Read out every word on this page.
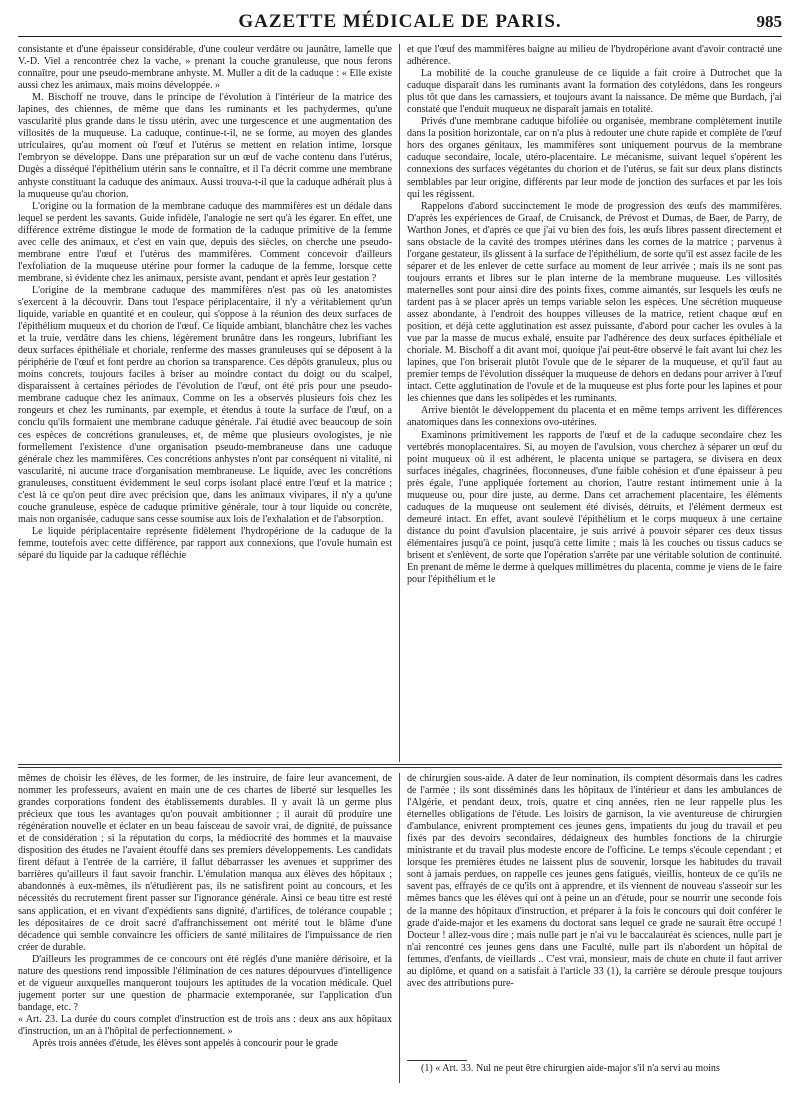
GAZETTE MÉDICALE DE PARIS.	985

consistante et d'une épaisseur considérable, d'une couleur verdâtre ou jaunâtre, lamelle que V.-D. Viel a rencontrée chez la vache, » prenant la couche granuleuse, que nous ferons connaître, pour une pseudo-membrane anhyste. M. Muller a dit de la caduque : « Elle existe aussi chez les animaux, mais moins développée. »

M. Bischoff ne trouve, dans le principe de l'évolution à l'intérieur de la matrice des lapines, des chiennes, de même que dans les ruminants et les pachydermes, qu'une vascularité plus grande dans le tissu utérin, avec une turgescence et une augmentation des villosités de la muqueuse. La caduque, continue-t-il, ne se forme, au moyen des glandes utriculaires, qu'au moment où l'œuf et l'utérus se mettent en relation intime, lorsque l'embryon se développe. Dans une préparation sur un œuf de vache contenu dans l'utérus, Dugès a disséqué l'épithélium utérin sans le connaître, et il l'a décrit comme une membrane anhyste constituant la caduque des animaux. Aussi trouva-t-il que la caduque adhérait plus à la muqueuse qu'au chorion.

L'origine ou la formation de la membrane caduque des mammifères est un dédale dans lequel se perdent les savants. Guide infidèle, l'analogie ne sert qu'à les égarer. En effet, une différence extrême distingue le mode de formation de la caduque primitive de la femme avec celle des animaux, et c'est en vain que, depuis des siècles, on cherche une pseudo-membrane entre l'œuf et l'utérus des mammifères. Comment concevoir d'ailleurs l'exfoliation de la muqueuse utérine pour former la caduque de la femme, lorsque cette membrane, si évidente chez les animaux, persiste avant, pendant et après leur gestation ?

L'origine de la membrane caduque des mammifères n'est pas où les anatomistes s'exercent à la découvrir. Dans tout l'espace périplacentaire, il n'y a véritablement qu'un liquide, variable en quantité et en couleur, qui s'oppose à la réunion des deux surfaces de l'épithélium muqueux et du chorion de l'œuf. Ce liquide ambiant, blanchâtre chez les vaches et la truie, verdâtre dans les chiens, légèrement brunâtre dans les rongeurs, lubrifiant les deux surfaces épithéliale et choriale, renferme des masses granuleuses qui se déposent à la périphérie de l'œuf et font perdre au chorion sa transparence. Ces dépôts granuleux, plus ou moins concrets, toujours faciles à briser au moindre contact du doigt ou du scalpel, disparaissent à certaines périodes de l'évolution de l'œuf, ont été pris pour une pseudo-membrane caduque chez les animaux. Comme on les a observés plusieurs fois chez les rongeurs et chez les ruminants, par exemple, et étendus à toute la surface de l'œuf, on a conclu qu'ils formaient une membrane caduque générale. J'ai étudié avec beaucoup de soin ces espèces de concrétions granuleuses, et, de même que plusieurs ovologistes, je nie formellement l'existence d'une organisation pseudo-membraneuse dans une caduque générale chez les mammifères. Ces concrétions anhystes n'ont par conséquent ni vitalité, ni vascularité, ni aucune trace d'organisation membraneuse. Le liquide, avec les concrétions granuleuses, constituent évidemment le seul corps isolant placé entre l'œuf et la matrice ; c'est là ce qu'on peut dire avec précision que, dans les animaux vivipares, il n'y a qu'une couche granuleuse, espèce de caduque primitive générale, tour à tour liquide ou concrète, mais non organisée, caduque sans cesse soumise aux lois de l'exhalation et de l'absorption.

Le liquide périplacentaire représente fidèlement l'hydropérione de la caduque de la femme, toutefois avec cette différence, par rapport aux connexions, que l'ovule humain est séparé du liquide par la caduque réfléchie

et que l'œuf des mammifères baigne au milieu de l'hydropérione avant d'avoir contracté une adhérence.

La mobilité de la couche granuleuse de ce liquide a fait croire à Dutrochet que la caduque disparaît dans les ruminants avant la formation des cotylédons, dans les rongeurs plus tôt que dans les carnassiers, et toujours avant la naissance. De même que Burdach, j'ai constaté que l'enduit muqueux ne disparaît jamais en totalité.

Privés d'une membrane caduque bifoliée ou organisée, membrane complètement inutile dans la position horizontale, car on n'a plus à redouter une chute rapide et complète de l'œuf hors des organes génitaux, les mammifères sont uniquement pourvus de la membrane caduque secondaire, locale, utéro-placentaire. Le mécanisme, suivant lequel s'opèrent les connexions des surfaces végétantes du chorion et de l'utérus, se fait sur deux plans distincts semblables par leur origine, différents par leur mode de jonction des surfaces et par les lois qui les régissent.

Rappelons d'abord succinctement le mode de progression des œufs des mammifères. D'après les expériences de Graaf, de Cruisanck, de Prévost et Dumas, de Baer, de Parry, de Warthon Jones, et d'après ce que j'ai vu bien des fois, les œufs libres passent directement et sans obstacle de la cavité des trompes utérines dans les cornes de la matrice ; parvenus à l'organe gestateur, ils glissent à la surface de l'épithélium, de sorte qu'il est assez facile de les séparer et de les enlever de cette surface au moment de leur arrivée ; mais ils ne sont pas toujours errants et libres sur le plan interne de la membrane muqueuse. Les villosités maternelles sont pour ainsi dire des points fixes, comme aimantés, sur lesquels les œufs ne tardent pas à se placer après un temps variable selon les espèces. Une sécrétion muqueuse assez abondante, à l'endroit des houppes villeuses de la matrice, retient chaque œuf en position, et déjà cette agglutination est assez puissante, d'abord pour cacher les ovules à la vue par la masse de mucus exhalé, ensuite par l'adhérence des deux surfaces épithéliale et choriale. M. Bischoff a dit avant moi, quoique j'ai peut-être observé le fait avant lui chez les lapines, que l'on briserait plutôt l'ovule que de le séparer de la muqueuse, et qu'il faut au premier temps de l'évolution disséquer la muqueuse de dehors en dedans pour arriver à l'œuf intact. Cette agglutination de l'ovule et de la muqueuse est plus forte pour les lapines et pour les chiennes que dans les solipèdes et les ruminants.

Arrive bientôt le développement du placenta et en même temps arrivent les différences anatomiques dans les connexions ovo-utérines.

Examinons primitivement les rapports de l'œuf et de la caduque secondaire chez les vertébrés monoplacentaires. Si, au moyen de l'avulsion, vous cherchez à séparer un œuf du point muqueux où il est adhérent, le placenta unique se partagera, se divisera en deux surfaces inégales, chagrinées, floconneuses, d'une faible cohésion et d'une épaisseur à peu près égale, l'une appliquée fortement au chorion, l'autre restant intimement unie à la muqueuse ou, pour dire juste, au derme. Dans cet arrachement placentaire, les éléments caduques de la muqueuse ont seulement été divisés, détruits, et l'élément dermeux est demeuré intact. En effet, avant soulevé l'épithélium et le corps muqueux à une certaine distance du point d'avulsion placentaire, je suis arrivé à pouvoir séparer ces deux tissus élémentaires jusqu'à ce point, jusqu'à cette limite ; mais là les couches ou tissus caducs se brisent et s'enlèvent, de sorte que l'opération s'arrête par une véritable solution de continuité. En prenant de même le derme à quelques millimètres du placenta, comme je viens de le faire pour l'épithélium et le

mêmes de choisir les élèves, de les former, de les instruire, de faire leur avancement, de nommer les professeurs, avaient en main une de ces chartes de liberté sur lesquelles les grandes corporations fondent des établissements durables. Il y avait là un germe plus précieux que tous les avantages qu'on pouvait ambitionner ; il aurait dû produire une régénération nouvelle et éclater en un beau faisceau de savoir vrai, de dignité, de puissance et de considération ; si la réputation du corps, la médiocrité des hommes et la mauvaise disposition des études ne l'avaient étouffé dans ses premiers développements. Les candidats firent défaut à l'entrée de la carrière, il fallut débarrasser les avenues et supprimer des barrières qu'ailleurs il faut savoir franchir. L'émulation manqua aux élèves des hôpitaux ; abandonnés à eux-mêmes, ils n'étudièrent pas, ils ne satisfirent point au concours, et les nécessités du recrutement firent passer sur l'ignorance générale. Ainsi ce beau titre est resté sans application, et en vivant d'expédients sans dignité, d'artifices, de tolérance coupable ; les dépositaires de ce droit sacré d'affranchissement ont mérité tout le blâme d'une décadence qui semble convaincre les officiers de santé militaires de l'impuissance de rien créer de durable.

D'ailleurs les programmes de ce concours ont été réglés d'une manière dérisoire, et la nature des questions rend impossible l'élimination de ces natures dépourvues d'intelligence et de vigueur auxquelles manqueront toujours les aptitudes de la vocation médicale. Quel jugement porter sur une question de pharmacie extemporanée, sur l'application d'un bandage, etc. ?

« Art. 23. La durée du cours complet d'instruction est de trois ans : deux ans aux hôpitaux d'instruction, un an à l'hôpital de perfectionnement. »

Après trois années d'étude, les élèves sont appelés à concourir pour le grade

de chirurgien sous-aide. A dater de leur nomination, ils comptent désormais dans les cadres de l'armée ; ils sont disséminés dans les hôpitaux de l'intérieur et dans les ambulances de l'Algérie, et pendant deux, trois, quatre et cinq années, rien ne leur rappelle plus les éternelles obligations de l'étude. Les loisirs de garnison, la vie aventureuse de chirurgien d'ambulance, enivrent promptement ces jeunes gens, impatients du joug du travail et peu fixés par des devoirs secondaires, dédaigneux des humbles fonctions de la chirurgie ministrante et du travail plus modeste encore de l'officine. Le temps s'écoule cependant ; et lorsque les premières études ne laissent plus de souvenir, lorsque les habitudes du travail sont à jamais perdues, on rappelle ces jeunes gens fatigués, vieillis, honteux de ce qu'ils ne savent pas, effrayés de ce qu'ils ont à apprendre, et ils viennent de nouveau s'asseoir sur les mêmes bancs que les élèves qui ont à peine un an d'étude, pour se nourrir une seconde fois de la manne des hôpitaux d'instruction, et préparer à la fois le concours qui doit conférer le grade d'aide-major et les examens du doctorat sans lequel ce grade ne saurait être occupé ! Docteur ! allez-vous dire ; mais nulle part je n'ai vu le baccalauréat ès sciences, nulle part je n'ai rencontré ces jeunes gens dans une Faculté, nulle part ils n'abordent un hôpital de femmes, d'enfants, de vieillards .. C'est vrai, monsieur, mais de chute en chute il faut arriver au diplôme, et quand on a satisfait à l'article 33 (1), la carrière se déroule presque toujours avec des attributions pure-

(1) « Art. 33. Nul ne peut être chirurgien aide-major s'il n'a servi au moins
